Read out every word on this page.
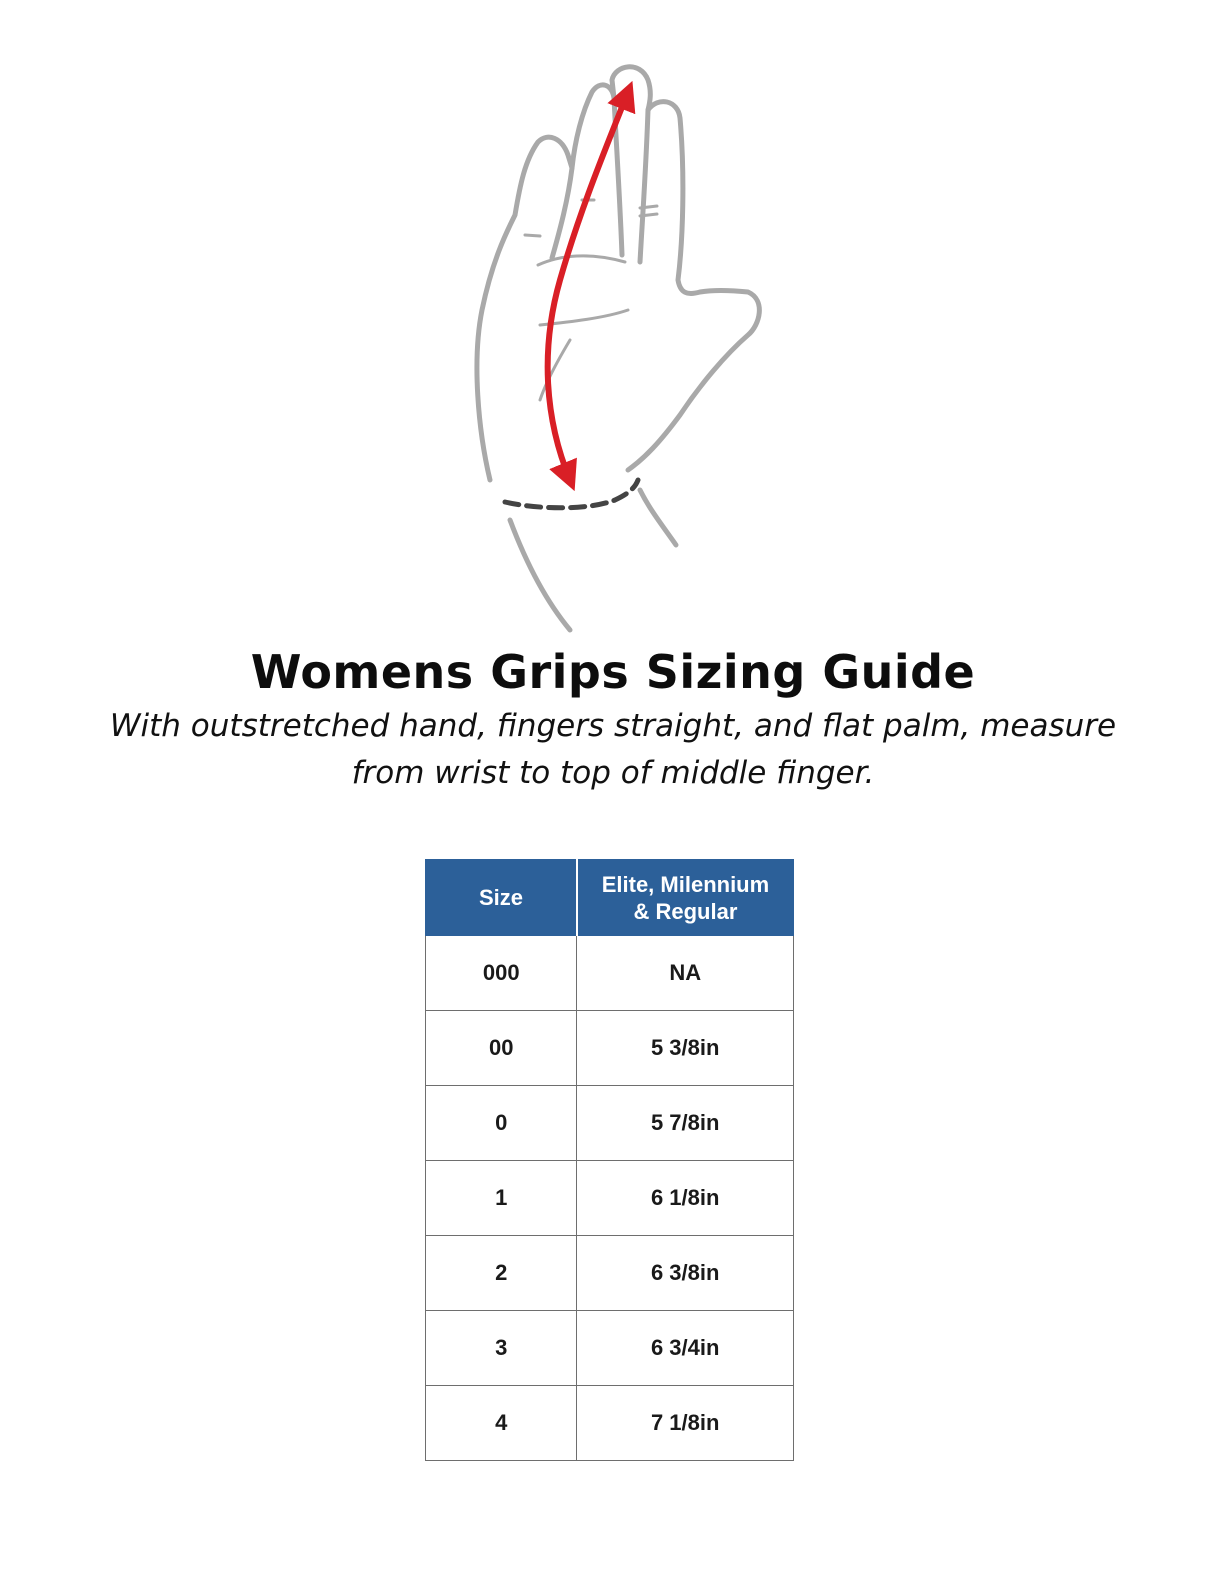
Womens Grips Sizing Guide

With outstretched hand, fingers straight, and flat palm, measure
from wrist to top of middle finger.

Size	Elite, Milennium
& Regular
000	NA
00	5 3/8in
0	5 7/8in
1	6 1/8in
2	6 3/8in
3	6 3/4in
4	7 1/8in
